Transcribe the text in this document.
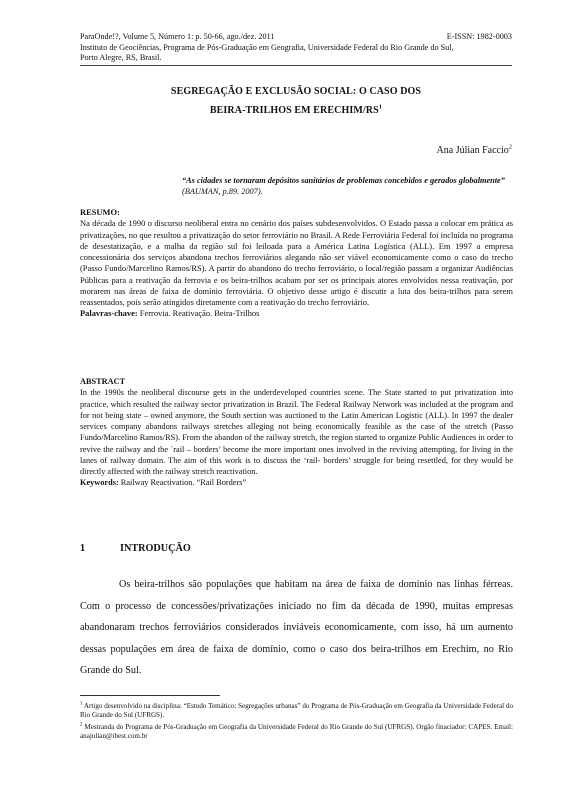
ParaOnde!?, Volume 5, Número 1: p. 50-66, ago./dez. 2011	E-ISSN: 1982-0003
Instituto de Geociências, Programa de Pós-Graduação em Geografia, Universidade Federal do Rio Grande do Sul,
Porto Alegre, RS, Brasil.
SEGREGAÇÃO E EXCLUSÃO SOCIAL: O CASO DOS
BEIRA-TRILHOS EM ERECHIM/$RS^1$
Ana Júlian Faccio$^2$
“As cidades se tornaram depósitos sanitários de problemas concebidos e gerados globalmente” (BAUMAN, p.89. 2007).
RESUMO:
Na década de 1990 o discurso neoliberal entra no cenário dos países subdesenvolvidos. O Estado passa a colocar em prática as privatizações, no que resultou a privatização do setor ferroviário no Brasil. A Rede Ferroviária Federal foi incluída no programa de desestatização, e a malha da região sul foi leiloada para a América Latina Logística (ALL). Em 1997 a empresa concessionária dos serviços abandona trechos ferroviários alegando não ser viável economicamente como o caso do trecho (Passo Fundo/Marcelino Ramos/RS). A partir do abandono do trecho ferroviário, o local/região passam a organizar Audiências Públicas para a reativação da ferrovia e os beira-trilhos acabam por ser os principais atores envolvidos nessa reativação, por morarem nas áreas de faixa de domínio ferroviária. O objetivo desse artigo é discutir a luta dos beira-trilhos para serem reassentados, pois serão atingidos diretamente com a reativação do trecho ferroviário.
Palavras-chave: Ferrovia. Reativação. Beira-Trilhos
ABSTRACT
In the 1990s the neoliberal discourse gets in the underdeveloped countries scene. The State started to put privatization into practice, which resulted the railway sector privatization in Brazil. The Federal Railway Network was included at the program and for not being state – owned anymore, the South section was auctioned to the Latin American Logistic (ALL). In 1997 the dealer services company abandons railways stretches alleging not being economically feasible as the case of the stretch (Passo Fundo/Marcelino Ramos/RS). From the abandon of the railway stretch, the region started to organize Public Audiences in order to revive the railway and the `rail – borders’ become the more important ones involved in the reviving attempting, for living in the lanes of railway domain. The aim of this work is to discuss the ‘rail- borders’ struggle for being resettled, for they would be directly affected with the railway stretch reactivation.
Keywords: Railway Reactivation. “Rail Borders”
1	INTRODUÇÃO

Os beira-trilhos são populações que habitam na área de faixa de domínio nas linhas férreas. Com o processo de concessões/privatizações iniciado no fim da década de 1990, muitas empresas abandonaram trechos ferroviários considerados inviáveis economicamente, com isso, há um aumento dessas populações em área de faixa de domínio, como o caso dos beira-trilhos em Erechim, no Rio Grande do Sul.

$^1$ Artigo desenvolvido na disciplina: “Estudo Temático: Segregações urbanas” do Programa de Pós-Graduação em Geografia da Universidade Federal do Rio Grande do Sul (UFRGS).

$^2$ Mestranda do Programa de Pós-Graduação em Geografia da Universidade Federal do Rio Grande do Sul (UFRGS). Orgão finaciador: CAPES. Email: anajulian@ibest.com.br
